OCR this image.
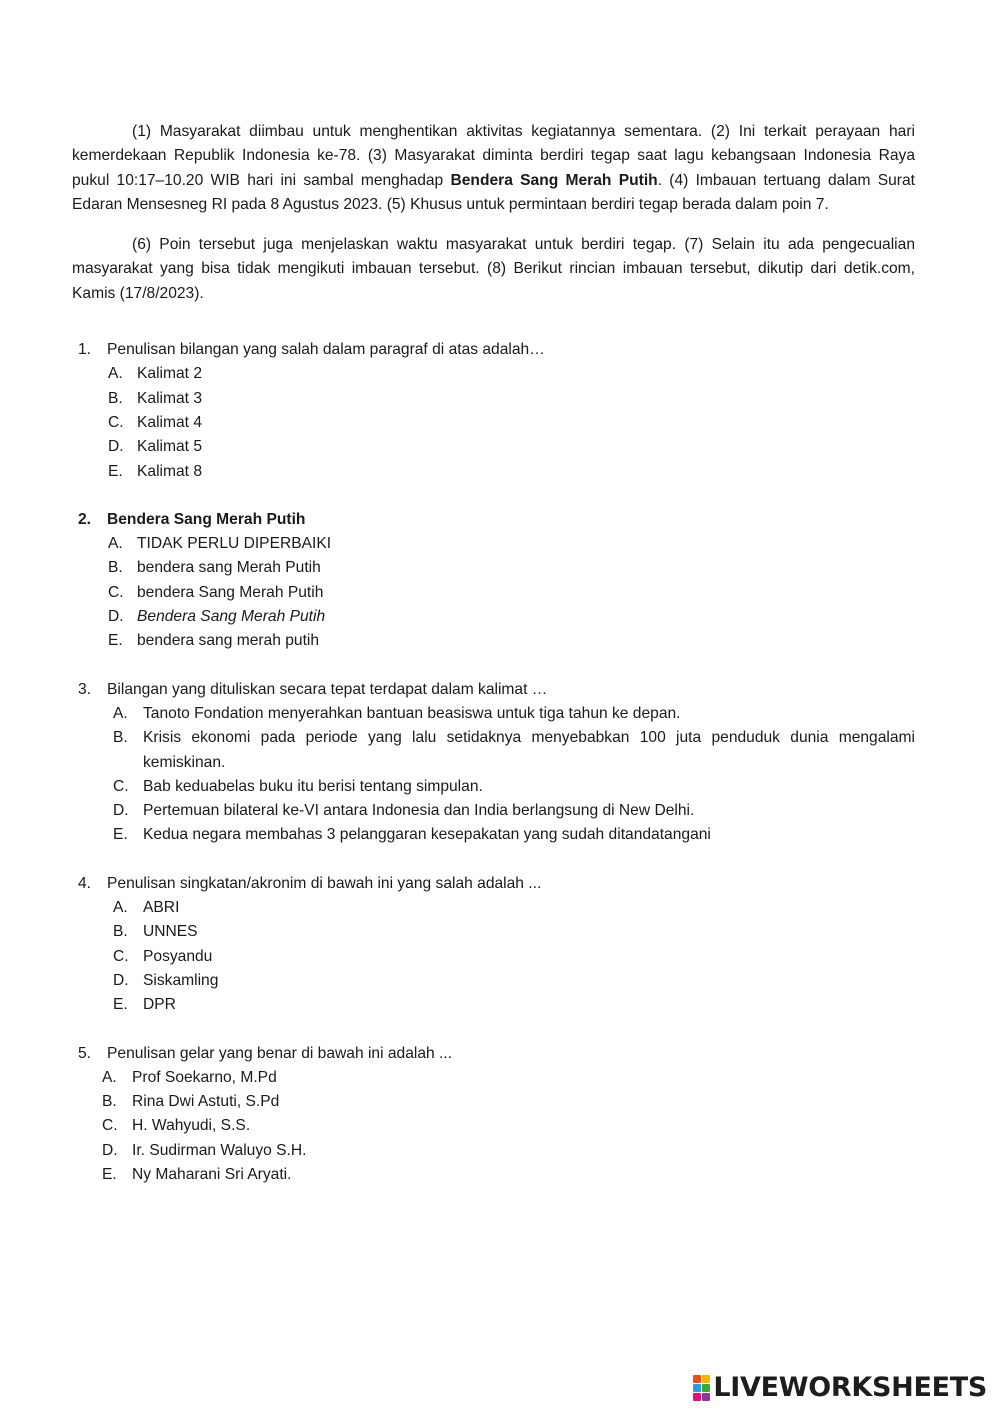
(1) Masyarakat diimbau untuk menghentikan aktivitas kegiatannya sementara. (2) Ini terkait perayaan hari kemerdekaan Republik Indonesia ke-78. (3) Masyarakat diminta berdiri tegap saat lagu kebangsaan Indonesia Raya pukul 10:17–10.20 WIB hari ini sambal menghadap Bendera Sang Merah Putih. (4) Imbauan tertuang dalam Surat Edaran Mensesneg RI pada 8 Agustus 2023. (5) Khusus untuk permintaan berdiri tegap berada dalam poin 7.

(6) Poin tersebut juga menjelaskan waktu masyarakat untuk berdiri tegap. (7) Selain itu ada pengecualian masyarakat yang bisa tidak mengikuti imbauan tersebut. (8) Berikut rincian imbauan tersebut, dikutip dari detik.com, Kamis (17/8/2023).

1.	Penulisan bilangan yang salah dalam paragraf di atas adalah…
A. Kalimat 2
B. Kalimat 3
C. Kalimat 4
D. Kalimat 5
E. Kalimat 8
2.	Bendera Sang Merah Putih
A. TIDAK PERLU DIPERBAIKI
B. bendera sang Merah Putih
C. bendera Sang Merah Putih
D. Bendera Sang Merah Putih
E. bendera sang merah putih
3.	Bilangan yang dituliskan secara tepat terdapat dalam kalimat …
A. Tanoto Fondation menyerahkan bantuan beasiswa untuk tiga tahun ke depan.
B. Krisis ekonomi pada periode yang lalu setidaknya menyebabkan 100 juta penduduk dunia mengalami kemiskinan.
C. Bab keduabelas buku itu berisi tentang simpulan.
D. Pertemuan bilateral ke-VI antara Indonesia dan India berlangsung di New Delhi.
E. Kedua negara membahas 3 pelanggaran kesepakatan yang sudah ditandatangani
4.	Penulisan singkatan/akronim di bawah ini yang salah adalah ...
A. ABRI
B. UNNES
C. Posyandu
D. Siskamling
E. DPR
5.	Penulisan gelar yang benar di bawah ini adalah ...
A. Prof Soekarno, M.Pd
B. Rina Dwi Astuti, S.Pd
C. H. Wahyudi, S.S.
D. Ir. Sudirman Waluyo S.H.
E. Ny Maharani Sri Aryati.
LIVEWORKSHEETS
